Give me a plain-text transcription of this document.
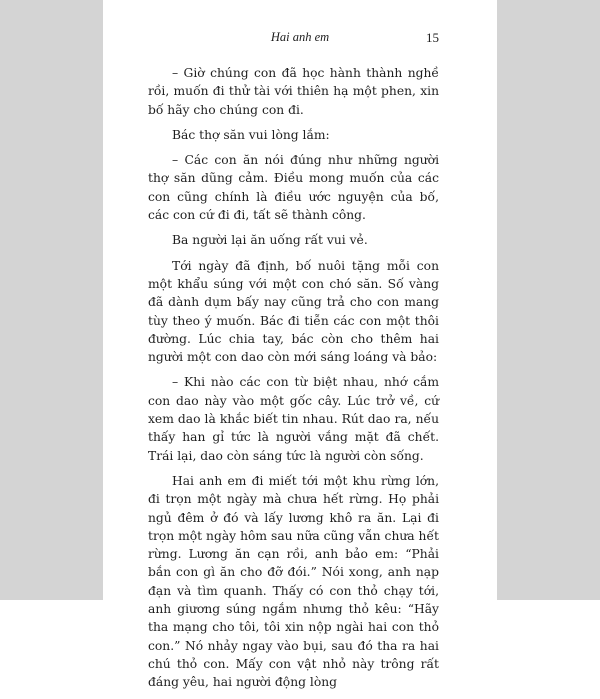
Hai anh em	15

– Giờ chúng con đã học hành thành nghề rồi, muốn đi thử tài với thiên hạ một phen, xin bố hãy cho chúng con đi.

Bác thợ săn vui lòng lắm:

– Các con ăn nói đúng như những người thợ săn dũng cảm. Điều mong muốn của các con cũng chính là điều ước nguyện của bố, các con cứ đi đi, tất sẽ thành công.

Ba người lại ăn uống rất vui vẻ.

Tới ngày đã định, bố nuôi tặng mỗi con một khẩu súng với một con chó săn. Số vàng đã dành dụm bấy nay cũng trả cho con mang tùy theo ý muốn. Bác đi tiễn các con một thôi đường. Lúc chia tay, bác còn cho thêm hai người một con dao còn mới sáng loáng và bảo:

– Khi nào các con từ biệt nhau, nhớ cắm con dao này vào một gốc cây. Lúc trở về, cứ xem dao là khắc biết tin nhau. Rút dao ra, nếu thấy han gỉ tức là người vắng mặt đã chết. Trái lại, dao còn sáng tức là người còn sống.

Hai anh em đi miết tới một khu rừng lớn, đi trọn một ngày mà chưa hết rừng. Họ phải ngủ đêm ở đó và lấy lương khô ra ăn. Lại đi trọn một ngày hôm sau nữa cũng vẫn chưa hết rừng. Lương ăn cạn rồi, anh bảo em: “Phải bắn con gì ăn cho đỡ đói.” Nói xong, anh nạp đạn và tìm quanh. Thấy có con thỏ chạy tới, anh giương súng ngắm nhưng thỏ kêu: “Hãy tha mạng cho tôi, tôi xin nộp ngài hai con thỏ con.” Nó nhảy ngay vào bụi, sau đó tha ra hai chú thỏ con. Mấy con vật nhỏ này trông rất đáng yêu, hai người động lòng
